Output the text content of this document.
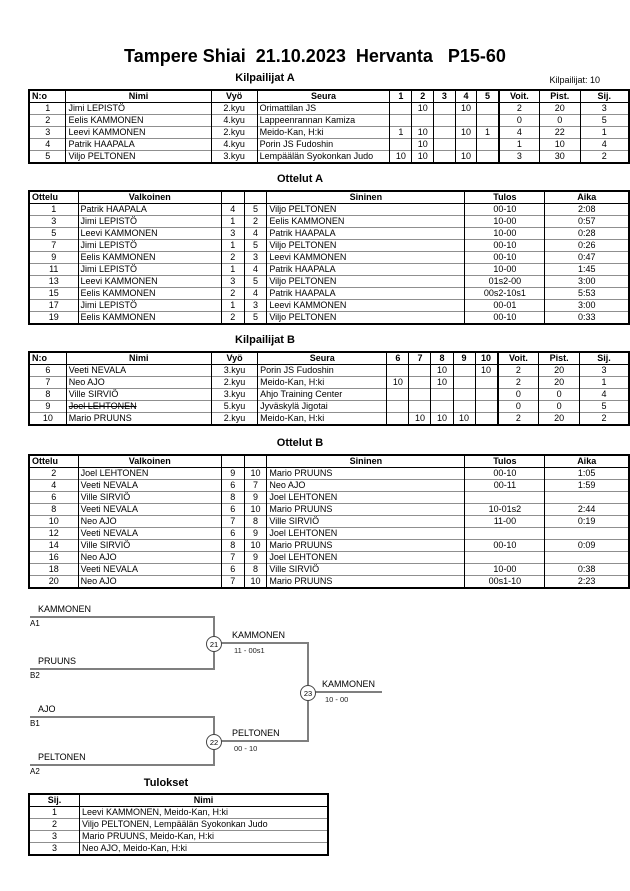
Tampere Shiai  21.10.2023  Hervanta   P15-60
Kilpailijat A	Kilpailijat: 10
N:o	Nimi	Vyö	Seura	1	2	3	4	5	Voit.	Pist.	Sij.
1	Jimi LEPISTÖ	2.kyu	Orimattilan JS		10		10		2	20	3
2	Eelis KAMMONEN	4.kyu	Lappeenrannan Kamiza						0	0	5
3	Leevi KAMMONEN	2.kyu	Meido-Kan, H:ki	1	10		10	1	4	22	1
4	Patrik HAAPALA	4.kyu	Porin JS Fudoshin		10				1	10	4
5	Viljo PELTONEN	3.kyu	Lempäälän Syokonkan Judo	10	10		10		3	30	2
Ottelut A
Ottelu	Valkoinen			Sininen	Tulos	Aika
1	Patrik HAAPALA	4	5	Viljo PELTONEN	00-10	2:08
3	Jimi LEPISTÖ	1	2	Eelis KAMMONEN	10-00	0:57
5	Leevi KAMMONEN	3	4	Patrik HAAPALA	10-00	0:28
7	Jimi LEPISTÖ	1	5	Viljo PELTONEN	00-10	0:26
9	Eelis KAMMONEN	2	3	Leevi KAMMONEN	00-10	0:47
11	Jimi LEPISTÖ	1	4	Patrik HAAPALA	10-00	1:45
13	Leevi KAMMONEN	3	5	Viljo PELTONEN	01s2-00	3:00
15	Eelis KAMMONEN	2	4	Patrik HAAPALA	00s2-10s1	5:53
17	Jimi LEPISTÖ	1	3	Leevi KAMMONEN	00-01	3:00
19	Eelis KAMMONEN	2	5	Viljo PELTONEN	00-10	0:33
Kilpailijat B
N:o	Nimi	Vyö	Seura	6	7	8	9	10	Voit.	Pist.	Sij.
6	Veeti NEVALA	3.kyu	Porin JS Fudoshin			10		10	2	20	3
7	Neo AJO	2.kyu	Meido-Kan, H:ki	10		10			2	20	1
8	Ville SIRVIÖ	3.kyu	Ahjo Training Center						0	0	4
9	Joel LEHTONEN	5.kyu	Jyväskylä Jigotai						0	0	5
10	Mario PRUUNS	2.kyu	Meido-Kan, H:ki		10	10	10		2	20	2
Ottelut B
Ottelu	Valkoinen			Sininen	Tulos	Aika
2	Joel LEHTONEN	9	10	Mario PRUUNS	00-10	1:05
4	Veeti NEVALA	6	7	Neo AJO	00-11	1:59
6	Ville SIRVIÖ	8	9	Joel LEHTONEN		
8	Veeti NEVALA	6	10	Mario PRUUNS	10-01s2	2:44
10	Neo AJO	7	8	Ville SIRVIÖ	11-00	0:19
12	Veeti NEVALA	6	9	Joel LEHTONEN		
14	Ville SIRVIÖ	8	10	Mario PRUUNS	00-10	0:09
16	Neo AJO	7	9	Joel LEHTONEN		
18	Veeti NEVALA	6	8	Ville SIRVIÖ	10-00	0:38
20	Neo AJO	7	10	Mario PRUUNS	00s1-10	2:23
KAMMONEN
A1
PRUUNS
B2
21
KAMMONEN
11 - 00s1
23
KAMMONEN
10 - 00
AJO
B1
PELTONEN
A2
22
PELTONEN
00 - 10
Tulokset
Sij.	Nimi
1	Leevi KAMMONEN, Meido-Kan, H:ki
2	Viljo PELTONEN, Lempäälän Syokonkan Judo
3	Mario PRUUNS, Meido-Kan, H:ki
3	Neo AJO, Meido-Kan, H:ki
